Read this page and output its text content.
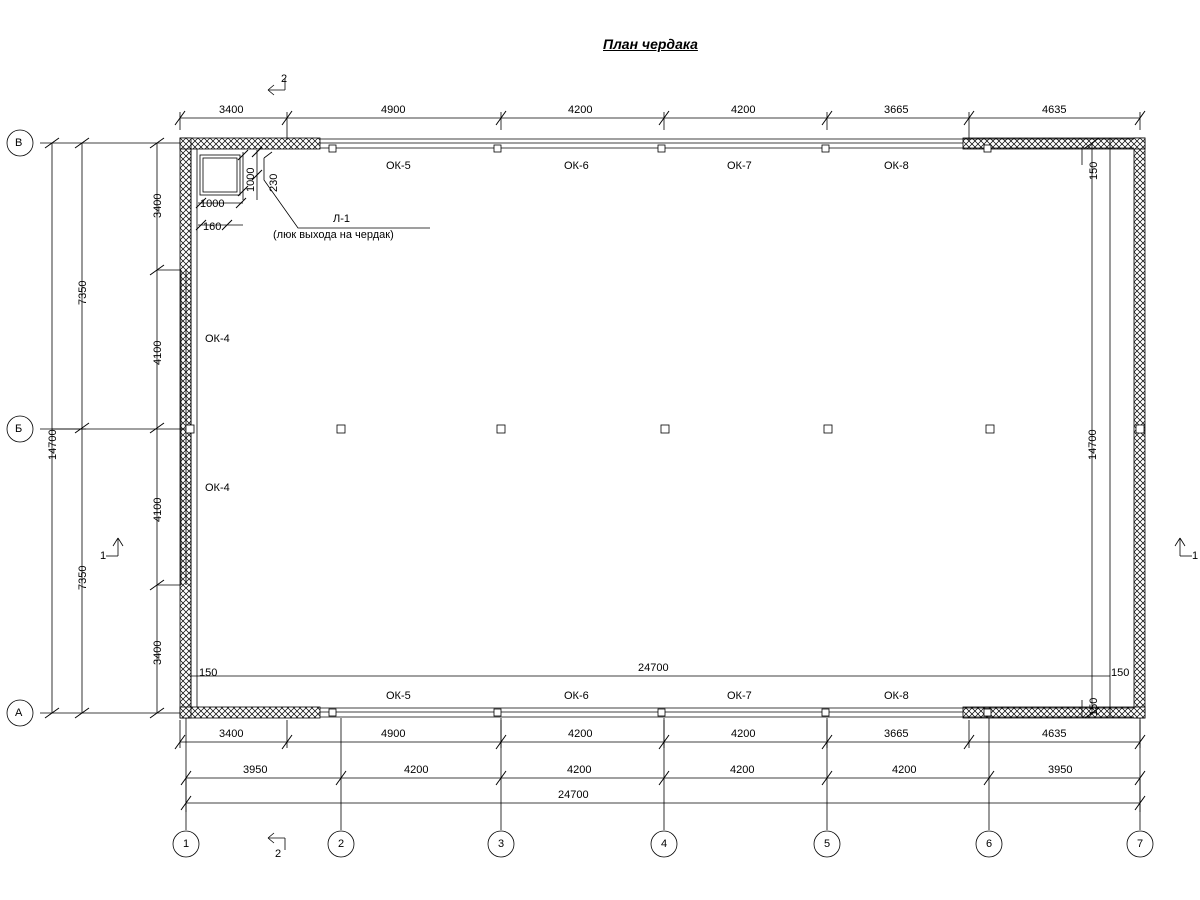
План чердака
В
Б
А
1	2	3	4	5	6	7
2
1
2
1
3400	4900	4200	4200	3665	4635
3400	4900	4200	4200	3665	4635
3950	4200	4200	4200	4200	3950
24700
24700
14700
7350
7350
3400
4100
4100
3400
14700
150
150	150
150
1000 230
1000
160
Л-1
(люк выхода на чердак)
ОК-5	ОК-6	ОК-7	ОК-8
ОК-5	ОК-6	ОК-7	ОК-8
ОК-4
ОК-4
